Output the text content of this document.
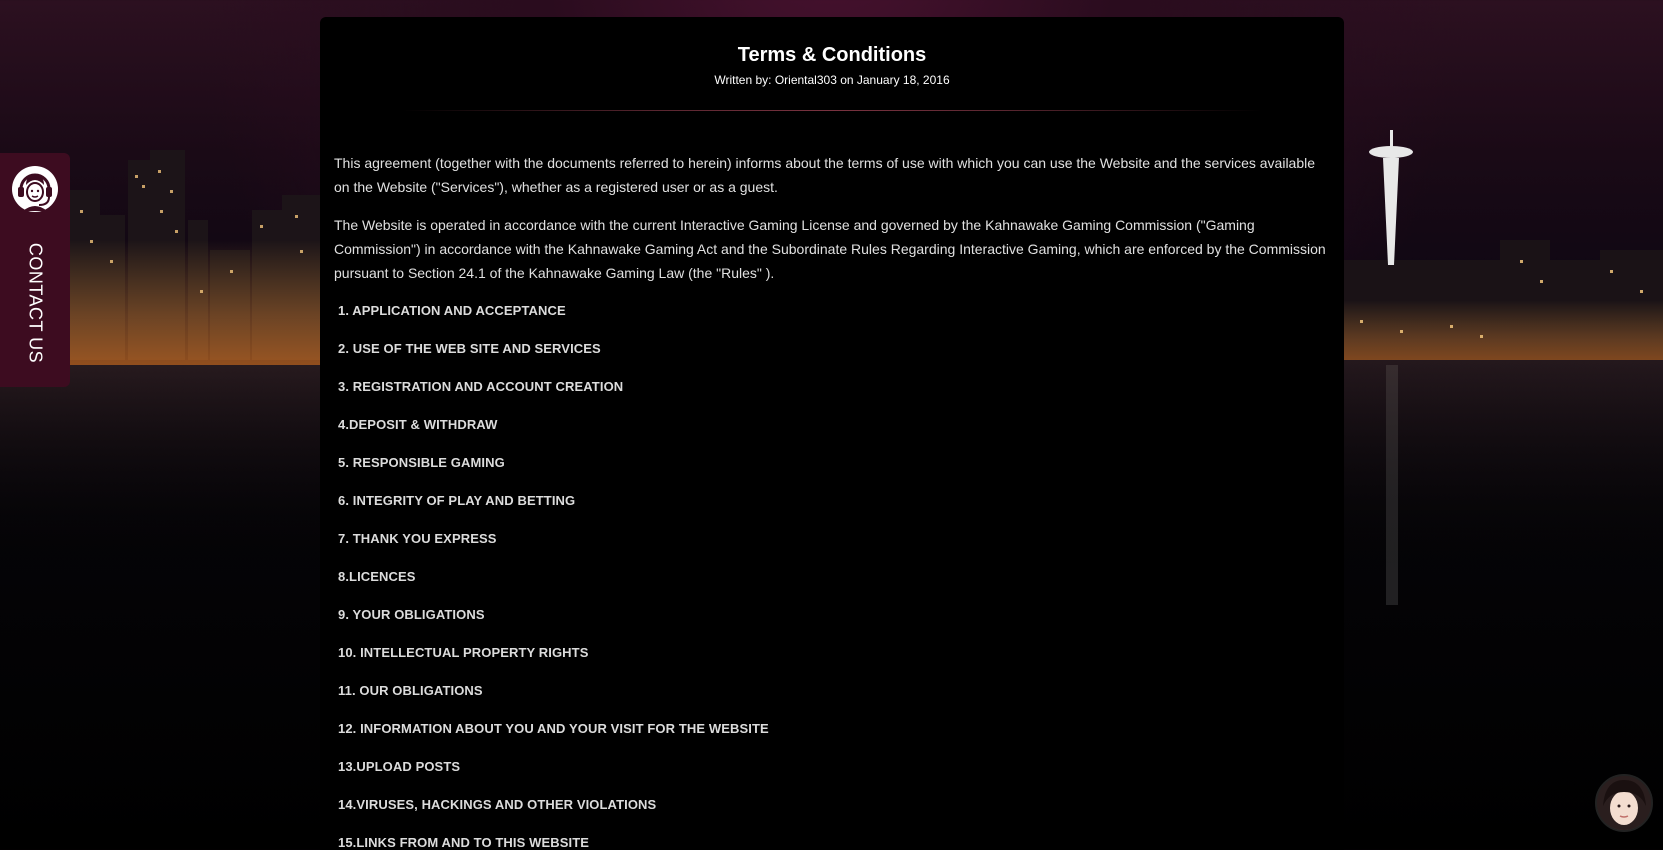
Terms & Conditions
Written by: Oriental303 on January 18, 2016

This agreement (together with the documents referred to herein) informs about the terms of use with which you can use the Website and the services available on the Website ("Services"), whether as a registered user or as a guest.

The Website is operated in accordance with the current Interactive Gaming License and governed by the Kahnawake Gaming Commission ("Gaming Commission") in accordance with the Kahnawake Gaming Act and the Subordinate Rules Regarding Interactive Gaming, which are enforced by the Commission pursuant to Section 24.1 of the Kahnawake Gaming Law (the "Rules" ).

1. APPLICATION AND ACCEPTANCE
2. USE OF THE WEB SITE AND SERVICES
3. REGISTRATION AND ACCOUNT CREATION
4.DEPOSIT & WITHDRAW
5. RESPONSIBLE GAMING
6. INTEGRITY OF PLAY AND BETTING
7. THANK YOU EXPRESS
8.LICENCES
9. YOUR OBLIGATIONS
10. INTELLECTUAL PROPERTY RIGHTS
11. OUR OBLIGATIONS
12. INFORMATION ABOUT YOU AND YOUR VISIT FOR THE WEBSITE
13.UPLOAD POSTS
14.VIRUSES, HACKINGS AND OTHER VIOLATIONS
15.LINKS FROM AND TO THIS WEBSITE
CONTACT US
